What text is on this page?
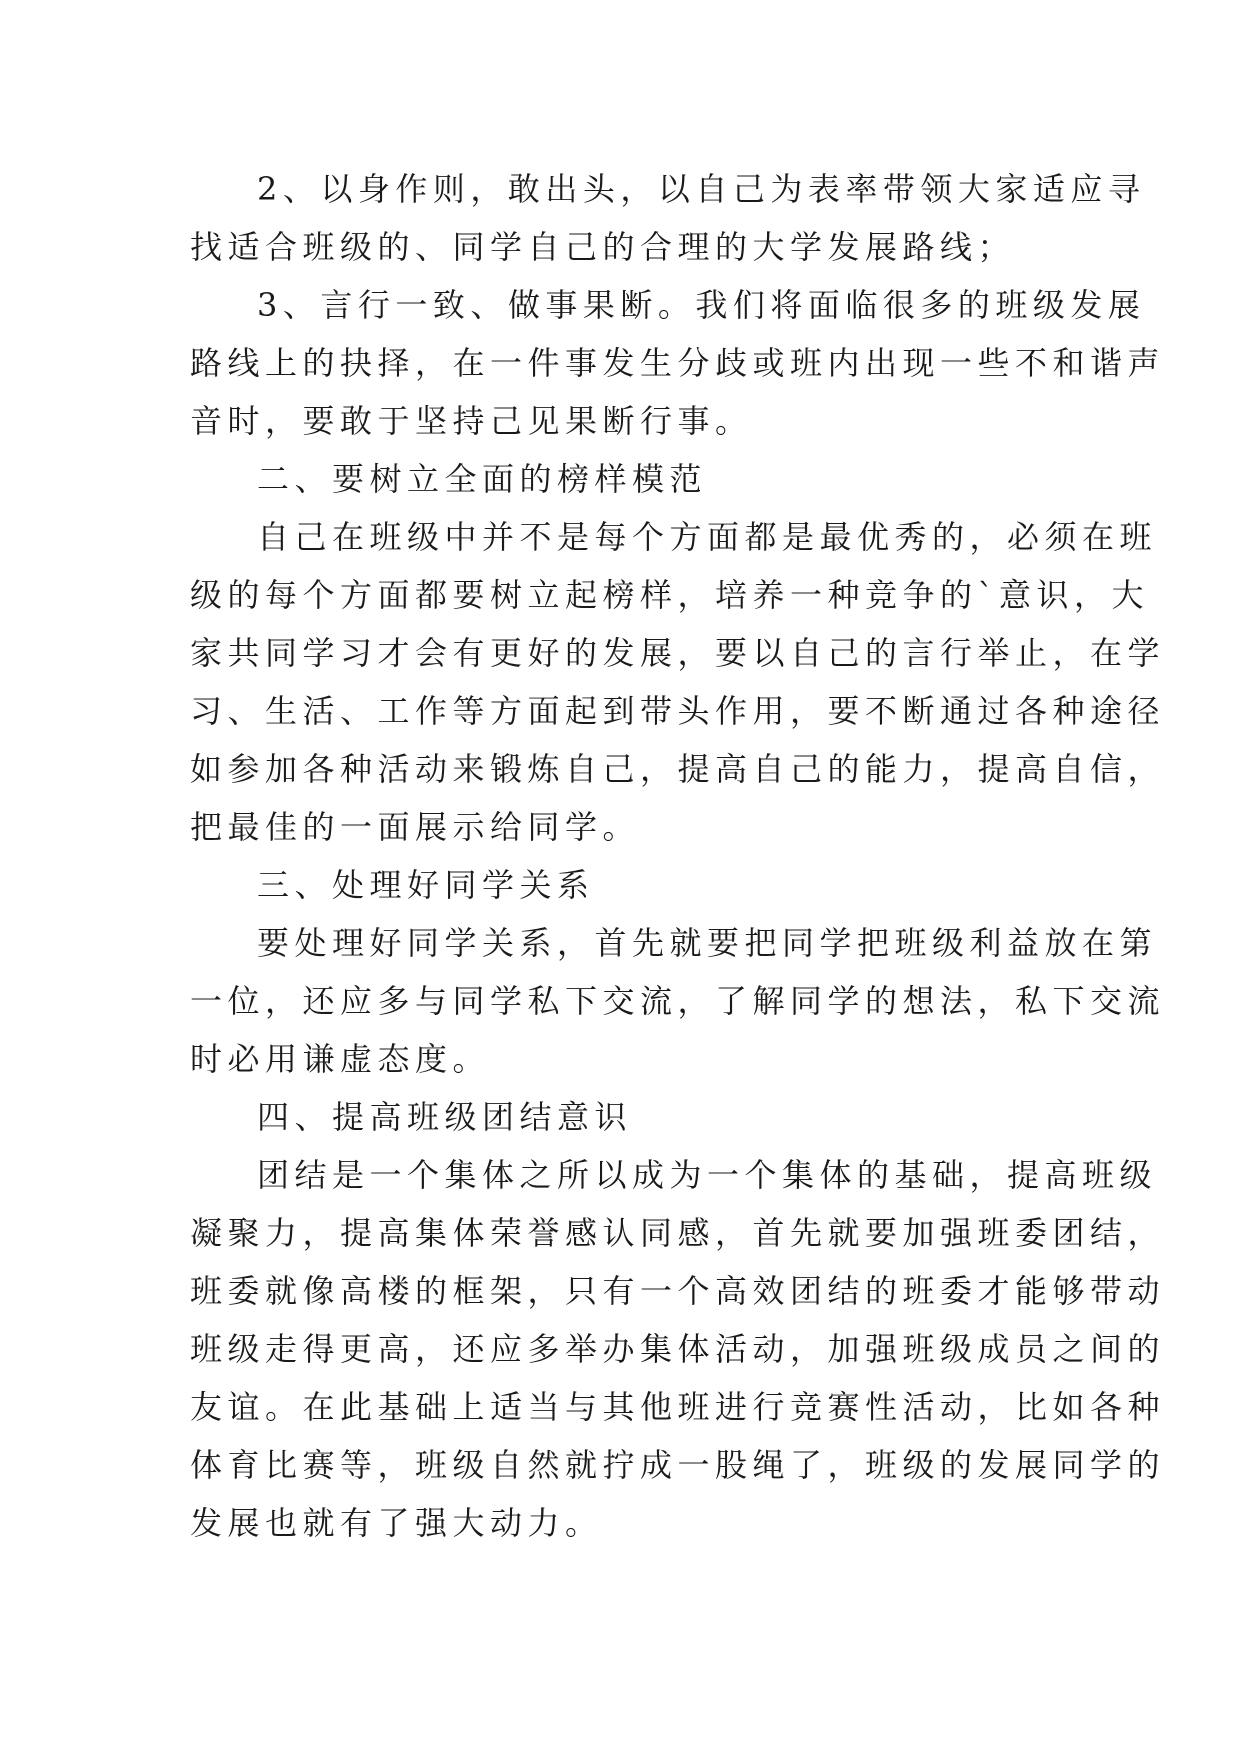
2、以身作则，敢出头，以自己为表率带领大家适应寻
找适合班级的、同学自己的合理的大学发展路线；
3、言行一致、做事果断。我们将面临很多的班级发展
路线上的抉择，在一件事发生分歧或班内出现一些不和谐声
音时，要敢于坚持己见果断行事。
二、要树立全面的榜样模范
自己在班级中并不是每个方面都是最优秀的，必须在班
级的每个方面都要树立起榜样，培养一种竞争的`意识，大
家共同学习才会有更好的发展，要以自己的言行举止，在学
习、生活、工作等方面起到带头作用，要不断通过各种途径
如参加各种活动来锻炼自己，提高自己的能力，提高自信，
把最佳的一面展示给同学。
三、处理好同学关系
要处理好同学关系，首先就要把同学把班级利益放在第
一位，还应多与同学私下交流，了解同学的想法，私下交流
时必用谦虚态度。
四、提高班级团结意识
团结是一个集体之所以成为一个集体的基础，提高班级
凝聚力，提高集体荣誉感认同感，首先就要加强班委团结，
班委就像高楼的框架，只有一个高效团结的班委才能够带动
班级走得更高，还应多举办集体活动，加强班级成员之间的
友谊。在此基础上适当与其他班进行竞赛性活动，比如各种
体育比赛等，班级自然就拧成一股绳了，班级的发展同学的
发展也就有了强大动力。
